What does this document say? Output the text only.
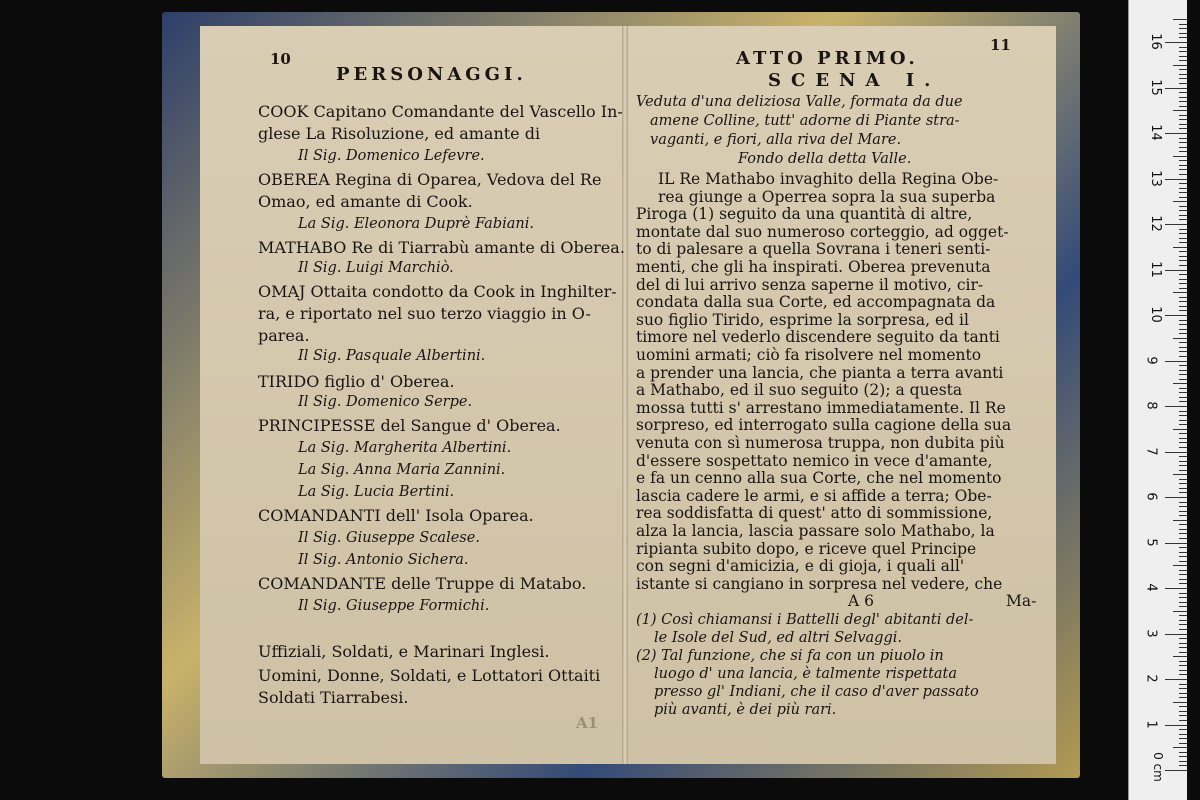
10
PERSONAGGI.
COOK Capitano Comandante del Vascello In-
glese La Risoluzione, ed amante di
Il Sig. Domenico Lefevre.
OBEREA Regina di Oparea, Vedova del Re
Omao, ed amante di Cook.
La Sig. Eleonora Duprè Fabiani.
MATHABO Re di Tiarrabù amante di Oberea.
Il Sig. Luigi Marchiò.
OMAJ Ottaita condotto da Cook in Inghilter-
ra, e riportato nel suo terzo viaggio in O-
parea.
Il Sig. Pasquale Albertini.
TIRIDO figlio d' Oberea.
Il Sig. Domenico Serpe.
PRINCIPESSE del Sangue d' Oberea.
La Sig. Margherita Albertini.
La Sig. Anna Maria Zannini.
La Sig. Lucia Bertini.
COMANDANTI dell' Isola Oparea.
Il Sig. Giuseppe Scalese.
Il Sig. Antonio Sichera.
COMANDANTE delle Truppe di Matabo.
Il Sig. Giuseppe Formichi.
Uffiziali, Soldati, e Marinari Inglesi.
Uomini, Donne, Soldati, e Lottatori Ottaiti
Soldati Tiarrabesi.
A1
11
ATTO PRIMO.
SCENA I.
Veduta d'una deliziosa Valle, formata da due
amene Colline, tutt' adorne di Piante stra-
vaganti, e fiori, alla riva del Mare.
Fondo della detta Valle.
IL Re Mathabo invaghito della Regina Obe-
rea giunge a Operrea sopra la sua superba
Piroga (1) seguito da una quantità di altre,
montate dal suo numeroso corteggio, ad ogget-
to di palesare a quella Sovrana i teneri senti-
menti, che gli ha inspirati. Oberea prevenuta
del di lui arrivo senza saperne il motivo, cir-
condata dalla sua Corte, ed accompagnata da
suo figlio Tirido, esprime la sorpresa, ed il
timore nel vederlo discendere seguito da tanti
uomini armati; ciò fa risolvere nel momento
a prender una lancia, che pianta a terra avanti
a Mathabo, ed il suo seguito (2); a questa
mossa tutti s' arrestano immediatamente. Il Re
sorpreso, ed interrogato sulla cagione della sua
venuta con sì numerosa truppa, non dubita più
d'essere sospettato nemico in vece d'amante,
e fa un cenno alla sua Corte, che nel momento
lascia cadere le armi, e si affide a terra; Obe-
rea soddisfatta di quest' atto di sommissione,
alza la lancia, lascia passare solo Mathabo, la
ripianta subito dopo, e riceve quel Principe
con segni d'amicizia, e di gioja, i quali all'
istante si cangiano in sorpresa nel vedere, che
A 6	Ma-
(1) Così chiamansi i Battelli degl' abitanti del-
le Isole del Sud, ed altri Selvaggi.
(2) Tal funzione, che si fa con un piuolo in
luogo d' una lancia, è talmente rispettata
presso gl' Indiani, che il caso d'aver passato
più avanti, è dei più rari.
1
2
3
4
5
6
7
8
9
10
11
12
13
14
15
16
0 cm
